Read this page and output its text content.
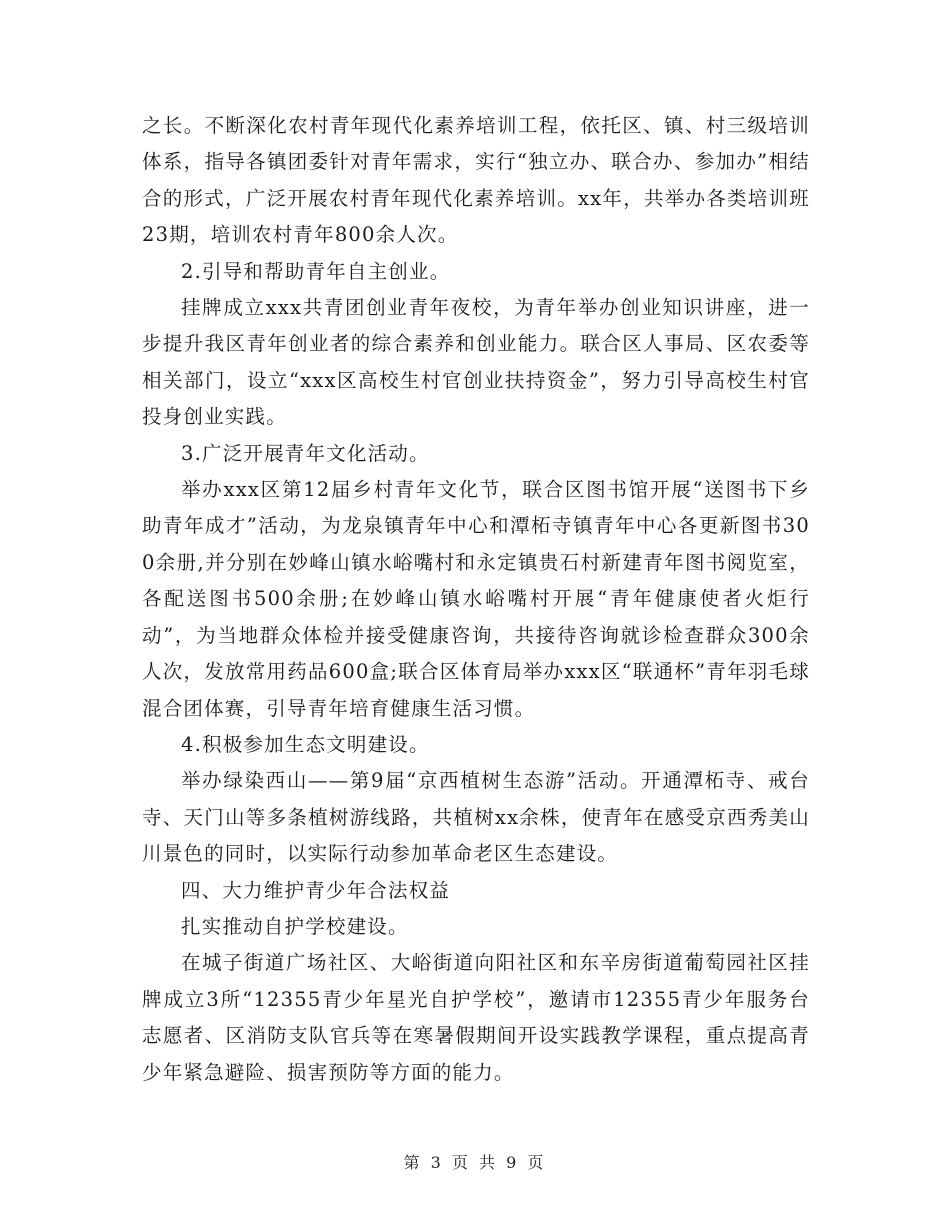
之长。不断深化农村青年现代化素养培训工程，依托区、镇、村三级培训体系，指导各镇团委针对青年需求，实行“独立办、联合办、参加办”相结合的形式，广泛开展农村青年现代化素养培训。xx年，共举办各类培训班23期，培训农村青年800余人次。

2.引导和帮助青年自主创业。

挂牌成立xxx共青团创业青年夜校，为青年举办创业知识讲座，进一步提升我区青年创业者的综合素养和创业能力。联合区人事局、区农委等相关部门，设立“xxx区高校生村官创业扶持资金”，努力引导高校生村官投身创业实践。

3.广泛开展青年文化活动。

举办xxx区第12届乡村青年文化节，联合区图书馆开展“送图书下乡 助青年成才”活动，为龙泉镇青年中心和潭柘寺镇青年中心各更新图书300余册,并分别在妙峰山镇水峪嘴村和永定镇贵石村新建青年图书阅览室，各配送图书500余册;在妙峰山镇水峪嘴村开展“青年健康使者火炬行动”，为当地群众体检并接受健康咨询，共接待咨询就诊检查群众300余人次，发放常用药品600盒;联合区体育局举办xxx区“联通杯”青年羽毛球混合团体赛，引导青年培育健康生活习惯。

4.积极参加生态文明建设。

举办绿染西山——第9届“京西植树生态游”活动。开通潭柘寺、戒台寺、天门山等多条植树游线路，共植树xx余株，使青年在感受京西秀美山川景色的同时，以实际行动参加革命老区生态建设。

四、大力维护青少年合法权益

扎实推动自护学校建设。

在城子街道广场社区、大峪街道向阳社区和东辛房街道葡萄园社区挂牌成立3所“12355青少年星光自护学校”，邀请市12355青少年服务台志愿者、区消防支队官兵等在寒暑假期间开设实践教学课程，重点提高青少年紧急避险、损害预防等方面的能力。

第 3 页 共 9 页
